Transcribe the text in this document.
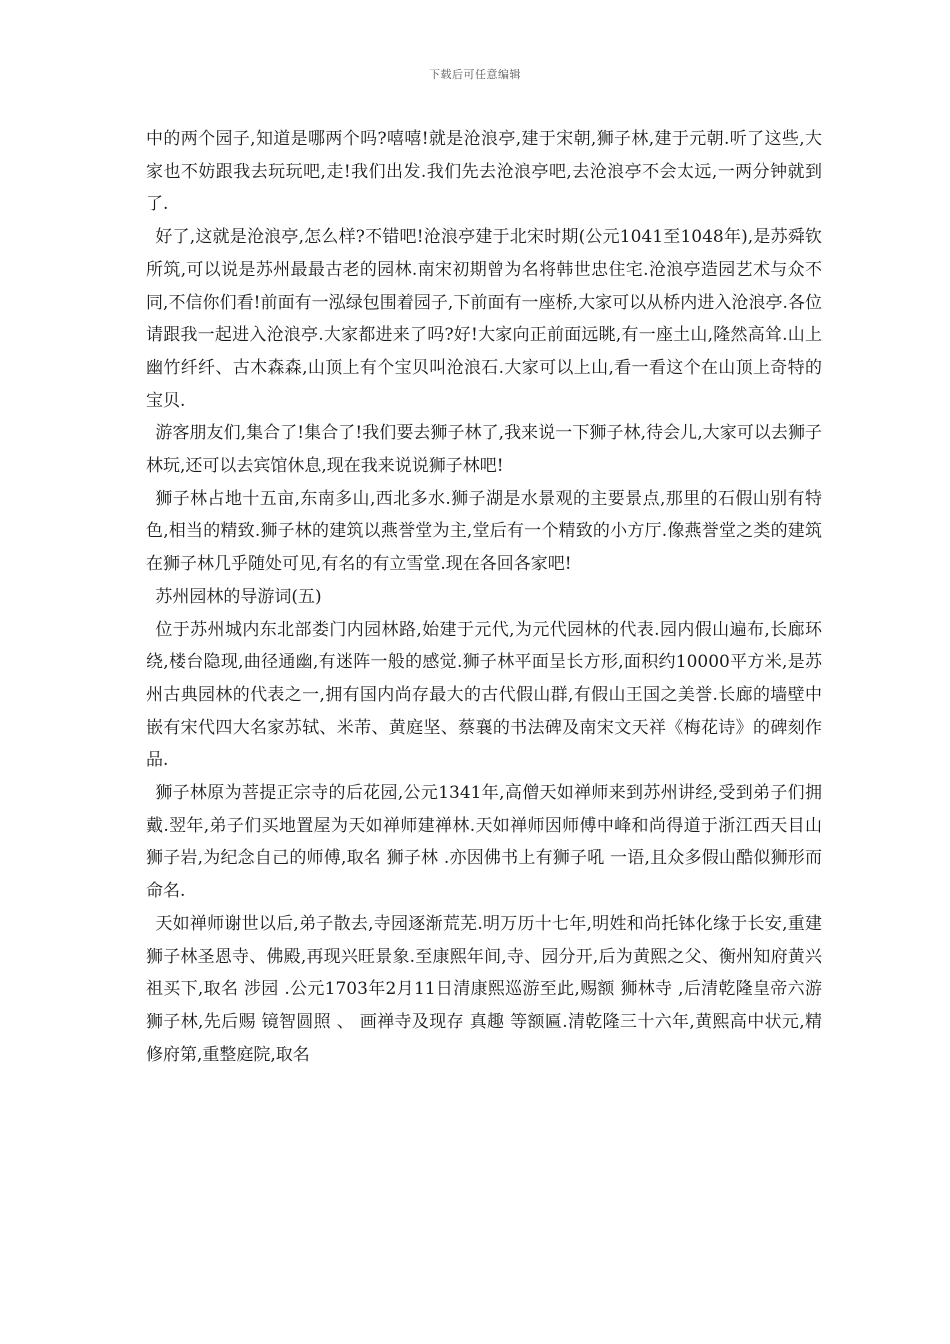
下载后可任意编辑

中的两个园子,知道是哪两个吗?嘻嘻!就是沧浪亭,建于宋朝,狮子林,建于元朝.听了这些,大家也不妨跟我去玩玩吧,走!我们出发.我们先去沧浪亭吧,去沧浪亭不会太远,一两分钟就到了.

好了,这就是沧浪亭,怎么样?不错吧!沧浪亭建于北宋时期(公元1041至1048年),是苏舜钦所筑,可以说是苏州最最古老的园林.南宋初期曾为名将韩世忠住宅.沧浪亭造园艺术与众不同,不信你们看!前面有一泓绿包围着园子,下前面有一座桥,大家可以从桥内进入沧浪亭.各位请跟我一起进入沧浪亭.大家都进来了吗?好!大家向正前面远眺,有一座土山,隆然高耸.山上幽竹纤纤、古木森森,山顶上有个宝贝叫沧浪石.大家可以上山,看一看这个在山顶上奇特的宝贝.

游客朋友们,集合了!集合了!我们要去狮子林了,我来说一下狮子林,待会儿,大家可以去狮子林玩,还可以去宾馆休息,现在我来说说狮子林吧!

狮子林占地十五亩,东南多山,西北多水.狮子湖是水景观的主要景点,那里的石假山别有特色,相当的精致.狮子林的建筑以燕誉堂为主,堂后有一个精致的小方厅.像燕誉堂之类的建筑在狮子林几乎随处可见,有名的有立雪堂.现在各回各家吧!

苏州园林的导游词(五)

位于苏州城内东北部娄门内园林路,始建于元代,为元代园林的代表.园内假山遍布,长廊环绕,楼台隐现,曲径通幽,有迷阵一般的感觉.狮子林平面呈长方形,面积约10000平方米,是苏州古典园林的代表之一,拥有国内尚存最大的古代假山群,有假山王国之美誉.长廊的墙壁中嵌有宋代四大名家苏轼、米芾、黄庭坚、蔡襄的书法碑及南宋文天祥《梅花诗》的碑刻作品.

狮子林原为菩提正宗寺的后花园,公元1341年,高僧天如禅师来到苏州讲经,受到弟子们拥戴.翌年,弟子们买地置屋为天如禅师建禅林.天如禅师因师傅中峰和尚得道于浙江西天目山狮子岩,为纪念自己的师傅,取名 狮子林 .亦因佛书上有狮子吼 一语,且众多假山酷似狮形而命名.

天如禅师谢世以后,弟子散去,寺园逐渐荒芜.明万历十七年,明姓和尚托钵化缘于长安,重建狮子林圣恩寺、佛殿,再现兴旺景象.至康熙年间,寺、园分开,后为黄熙之父、衡州知府黄兴祖买下,取名 涉园 .公元1703年2月11日清康熙巡游至此,赐额 狮林寺 ,后清乾隆皇帝六游狮子林,先后赐 镜智圆照 、 画禅寺及现存 真趣 等额匾.清乾隆三十六年,黄熙高中状元,精修府第,重整庭院,取名
